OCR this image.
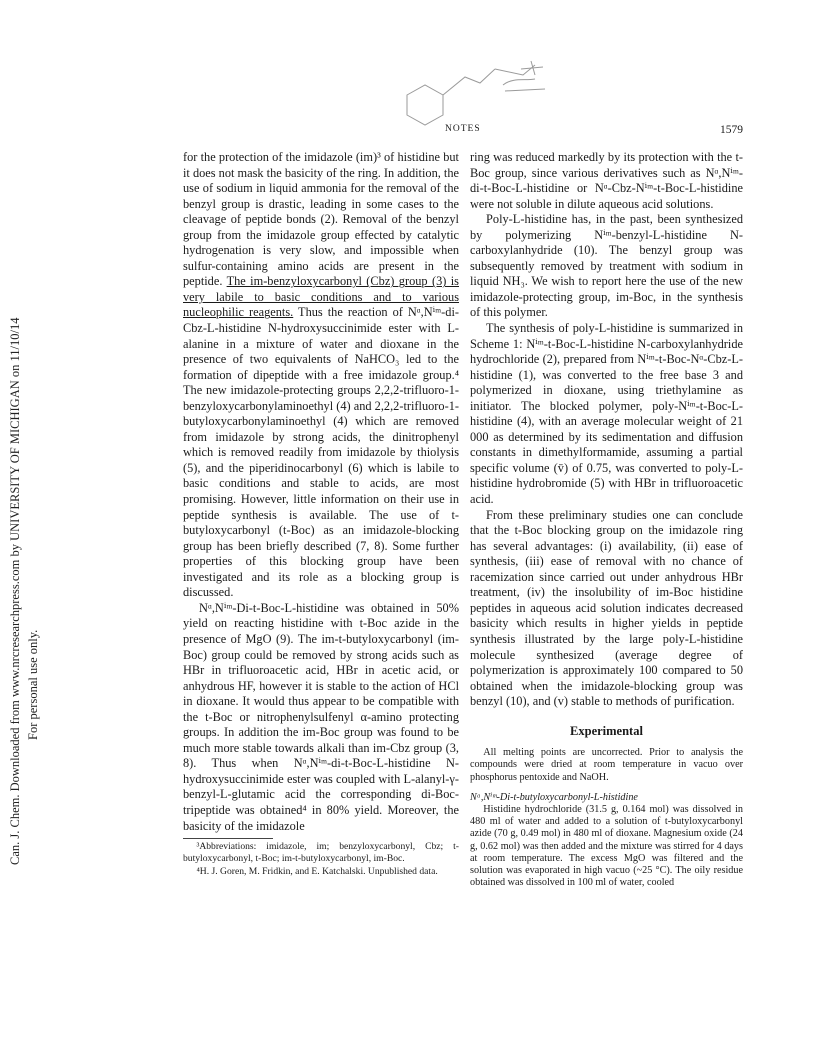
Can. J. Chem. Downloaded from www.nrcresearchpress.com by UNIVERSITY OF MICHIGAN on 11/10/14 For personal use only.
NOTES	1579

for the protection of the imidazole (im)³ of histidine but it does not mask the basicity of the ring. In addition, the use of sodium in liquid ammonia for the removal of the benzyl group is drastic, leading in some cases to the cleavage of peptide bonds (2). Removal of the benzyl group from the imidazole group effected by catalytic hydrogenation is very slow, and impossible when sulfur-containing amino acids are present in the peptide. The im-benzyloxycarbonyl (Cbz) group (3) is very labile to basic conditions and to various nucleophilic reagents. Thus the reaction of Nᵅ,Nⁱᵐ-di-Cbz-L-histidine N-hydroxysuccinimide ester with L-alanine in a mixture of water and dioxane in the presence of two equivalents of NaHCO₃ led to the formation of dipeptide with a free imidazole group.⁴ The new imidazole-protecting groups 2,2,2-trifluoro-1-benzyloxycarbonylaminoethyl (4) and 2,2,2-trifluoro-1-butyloxycarbonylaminoethyl (4) which are removed from imidazole by strong acids, the dinitrophenyl which is removed readily from imidazole by thiolysis (5), and the piperidinocarbonyl (6) which is labile to basic conditions and stable to acids, are most promising. However, little information on their use in peptide synthesis is available. The use of t-butyloxycarbonyl (t-Boc) as an imidazole-blocking group has been briefly described (7, 8). Some further properties of this blocking group have been investigated and its role as a blocking group is discussed.

Nᵅ,Nⁱᵐ-Di-t-Boc-L-histidine was obtained in 50% yield on reacting histidine with t-Boc azide in the presence of MgO (9). The im-t-butyloxycarbonyl (im-Boc) group could be removed by strong acids such as HBr in trifluoroacetic acid, HBr in acetic acid, or anhydrous HF, however it is stable to the action of HCl in dioxane. It would thus appear to be compatible with the t-Boc or nitrophenylsulfenyl α-amino protecting groups. In addition the im-Boc group was found to be much more stable towards alkali than im-Cbz group (3, 8). Thus when Nᵅ,Nⁱᵐ-di-t-Boc-L-histidine N-hydroxysuccinimide ester was coupled with L-alanyl-γ-benzyl-L-glutamic acid the corresponding di-Boc-tripeptide was obtained⁴ in 80% yield. Moreover, the basicity of the imidazole

³Abbreviations: imidazole, im; benzyloxycarbonyl, Cbz; t-butyloxycarbonyl, t-Boc; im-t-butyloxycarbonyl, im-Boc.

⁴H. J. Goren, M. Fridkin, and E. Katchalski. Unpublished data.

ring was reduced markedly by its protection with the t-Boc group, since various derivatives such as Nᵅ,Nⁱᵐ-di-t-Boc-L-histidine or Nᵅ-Cbz-Nⁱᵐ-t-Boc-L-histidine were not soluble in dilute aqueous acid solutions.

Poly-L-histidine has, in the past, been synthesized by polymerizing Nⁱᵐ-benzyl-L-histidine N-carboxylanhydride (10). The benzyl group was subsequently removed by treatment with sodium in liquid NH₃. We wish to report here the use of the new imidazole-protecting group, im-Boc, in the synthesis of this polymer.

The synthesis of poly-L-histidine is summarized in Scheme 1: Nⁱᵐ-t-Boc-L-histidine N-carboxylanhydride hydrochloride (2), prepared from Nⁱᵐ-t-Boc-Nᵅ-Cbz-L-histidine (1), was converted to the free base 3 and polymerized in dioxane, using triethylamine as initiator. The blocked polymer, poly-Nⁱᵐ-t-Boc-L-histidine (4), with an average molecular weight of 21 000 as determined by its sedimentation and diffusion constants in dimethylformamide, assuming a partial specific volume (v̄) of 0.75, was converted to poly-L-histidine hydrobromide (5) with HBr in trifluoroacetic acid.

From these preliminary studies one can conclude that the t-Boc blocking group on the imidazole ring has several advantages: (i) availability, (ii) ease of synthesis, (iii) ease of removal with no chance of racemization since carried out under anhydrous HBr treatment, (iv) the insolubility of im-Boc histidine peptides in aqueous acid solution indicates decreased basicity which results in higher yields in peptide synthesis illustrated by the large poly-L-histidine molecule synthesized (average degree of polymerization is approximately 100 compared to 50 obtained when the imidazole-blocking group was benzyl (10), and (v) stable to methods of purification.

Experimental

All melting points are uncorrected. Prior to analysis the compounds were dried at room temperature in vacuo over phosphorus pentoxide and NaOH.

Nᵅ,Nⁱᵐ-Di-t-butyloxycarbonyl-L-histidine

Histidine hydrochloride (31.5 g, 0.164 mol) was dissolved in 480 ml of water and added to a solution of t-butyloxycarbonyl azide (70 g, 0.49 mol) in 480 ml of dioxane. Magnesium oxide (24 g, 0.62 mol) was then added and the mixture was stirred for 4 days at room temperature. The excess MgO was filtered and the solution was evaporated in high vacuo (~25 °C). The oily residue obtained was dissolved in 100 ml of water, cooled
